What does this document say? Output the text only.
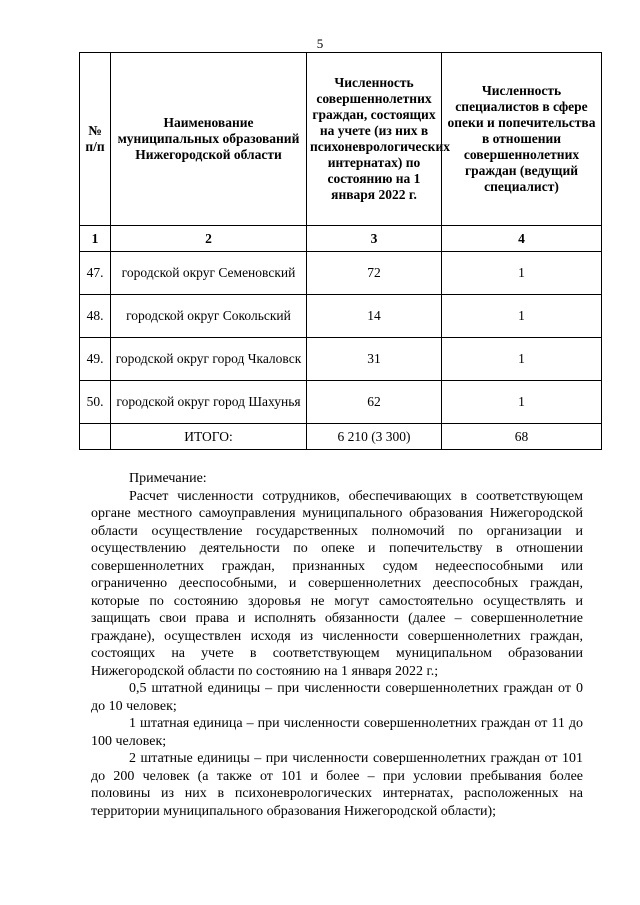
5
№ п/п	Наименование муниципальных образований Нижегородской области	Численность совершеннолетних граждан, состоящих на учете (из них в психоневрологических интернатах) по состоянию на 1 января 2022 г.	Численность специалистов в сфере опеки и попечительства в отношении совершеннолетних граждан (ведущий специалист)
1	2	3	4
47.	городской округ Семеновский	72	1
48.	городской округ Сокольский	14	1
49.	городской округ город Чкаловск	31	1
50.	городской округ город Шахунья	62	1
	ИТОГО:	6 210 (3 300)	68

Примечание:

Расчет численности сотрудников, обеспечивающих в соответствующем органе местного самоуправления муниципального образования Нижегородской области осуществление государственных полномочий по организации и осуществлению деятельности по опеке и попечительству в отношении совершеннолетних граждан, признанных судом недееспособными или ограниченно дееспособными, и совершеннолетних дееспособных граждан, которые по состоянию здоровья не могут самостоятельно осуществлять и защищать свои права и исполнять обязанности (далее – совершеннолетние граждане), осуществлен исходя из численности совершеннолетних граждан, состоящих на учете в соответствующем муниципальном образовании Нижегородской области по состоянию на 1 января 2022 г.;

0,5 штатной единицы – при численности совершеннолетних граждан от 0 до 10 человек;

1 штатная единица – при численности совершеннолетних граждан от 11 до 100 человек;

2 штатные единицы – при численности совершеннолетних граждан от 101 до 200 человек (а также от 101 и более – при условии пребывания более половины из них в психоневрологических интернатах, расположенных на территории муниципального образования Нижегородской области);
